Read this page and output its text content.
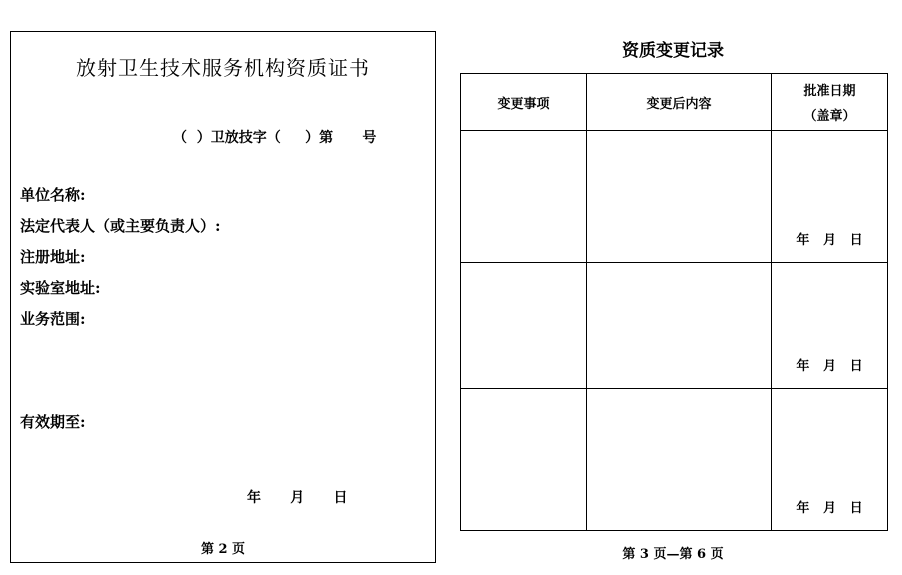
放射卫生技术服务机构资质证书
（  ）卫放技字（     ）第      号
单位名称:
法定代表人（或主要负责人）:
注册地址:
实验室地址:
业务范围:
有效期至:
年      月      日
第 2 页
资质变更记录
变更事项	变更后内容	批准日期
（盖章）

		年   月   日
		年   月   日
		年   月   日
第 3 页—第 6 页
